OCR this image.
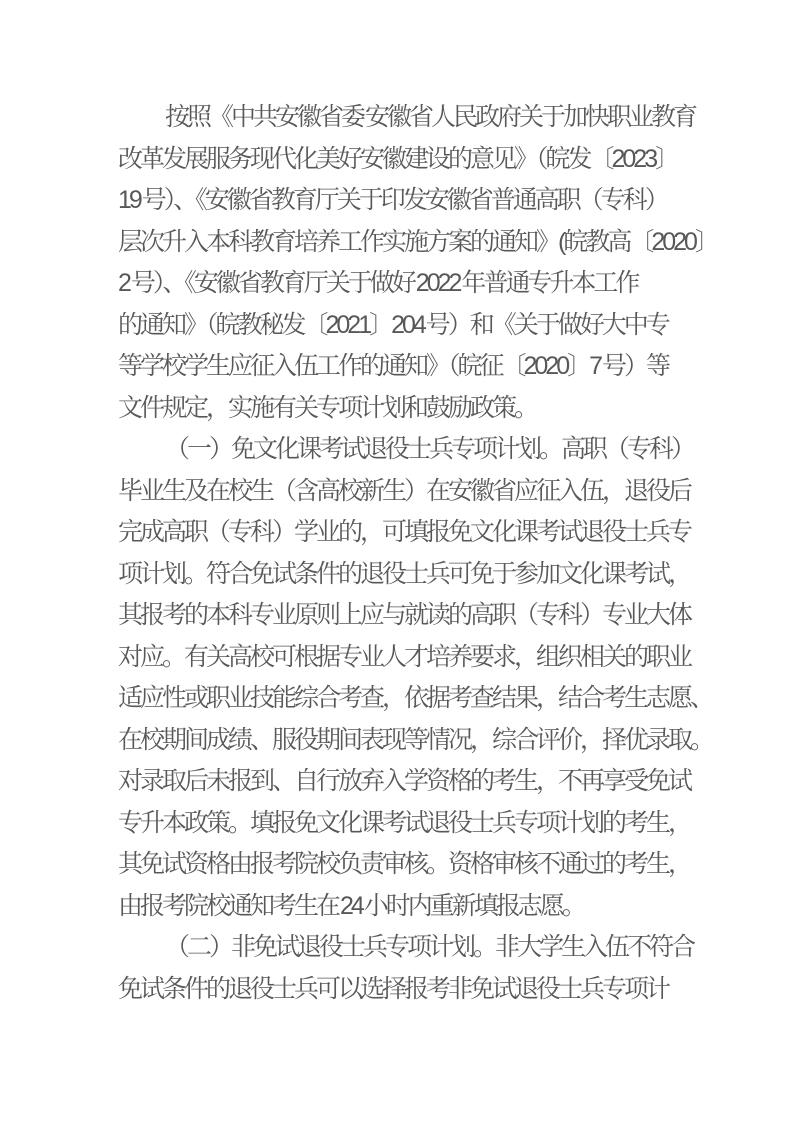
按照《中共安徽省委 安徽省人民政府关于加快职业教育
改革发展服务现代化美好安徽建设的意见》（皖发〔2023〕
19 号）、《安徽省教育厅关于印发安徽省普通高职（专科）
层次升入本科教育培养工作实施方案的通知》(皖教高〔2020〕
2 号）、《安徽省教育厅关于做好 2022 年普通专升本工作
的通知》（皖教秘发〔2021〕204 号）和《关于做好大中专
等学校学生应征入伍工作的通知》（皖征〔2020〕7 号）等
文件规定，实施有关专项计划和鼓励政策。
（一）免文化课考试退役士兵专项计划。高职（专科）
毕业生及在校生（含高校新生）在安徽省应征入伍，退役后
完成高职（专科）学业的，可填报免文化课考试退役士兵专
项计划。符合免试条件的退役士兵可免于参加文化课考试，
其报考的本科专业原则上应与就读的高职（专科）专业大体
对应。有关高校可根据专业人才培养要求，组织相关的职业
适应性或职业技能综合考查，依据考查结果，结合考生志愿、
在校期间成绩、服役期间表现等情况，综合评价，择优录取。
对录取后未报到、自行放弃入学资格的考生，不再享受免试
专升本政策。填报免文化课考试退役士兵专项计划的考生，
其免试资格由报考院校负责审核。资格审核不通过的考生，
由报考院校通知考生在 24 小时内重新填报志愿。
（二）非免试退役士兵专项计划。非大学生入伍不符合
免试条件的退役士兵可以选择报考非免试退役士兵专项计
